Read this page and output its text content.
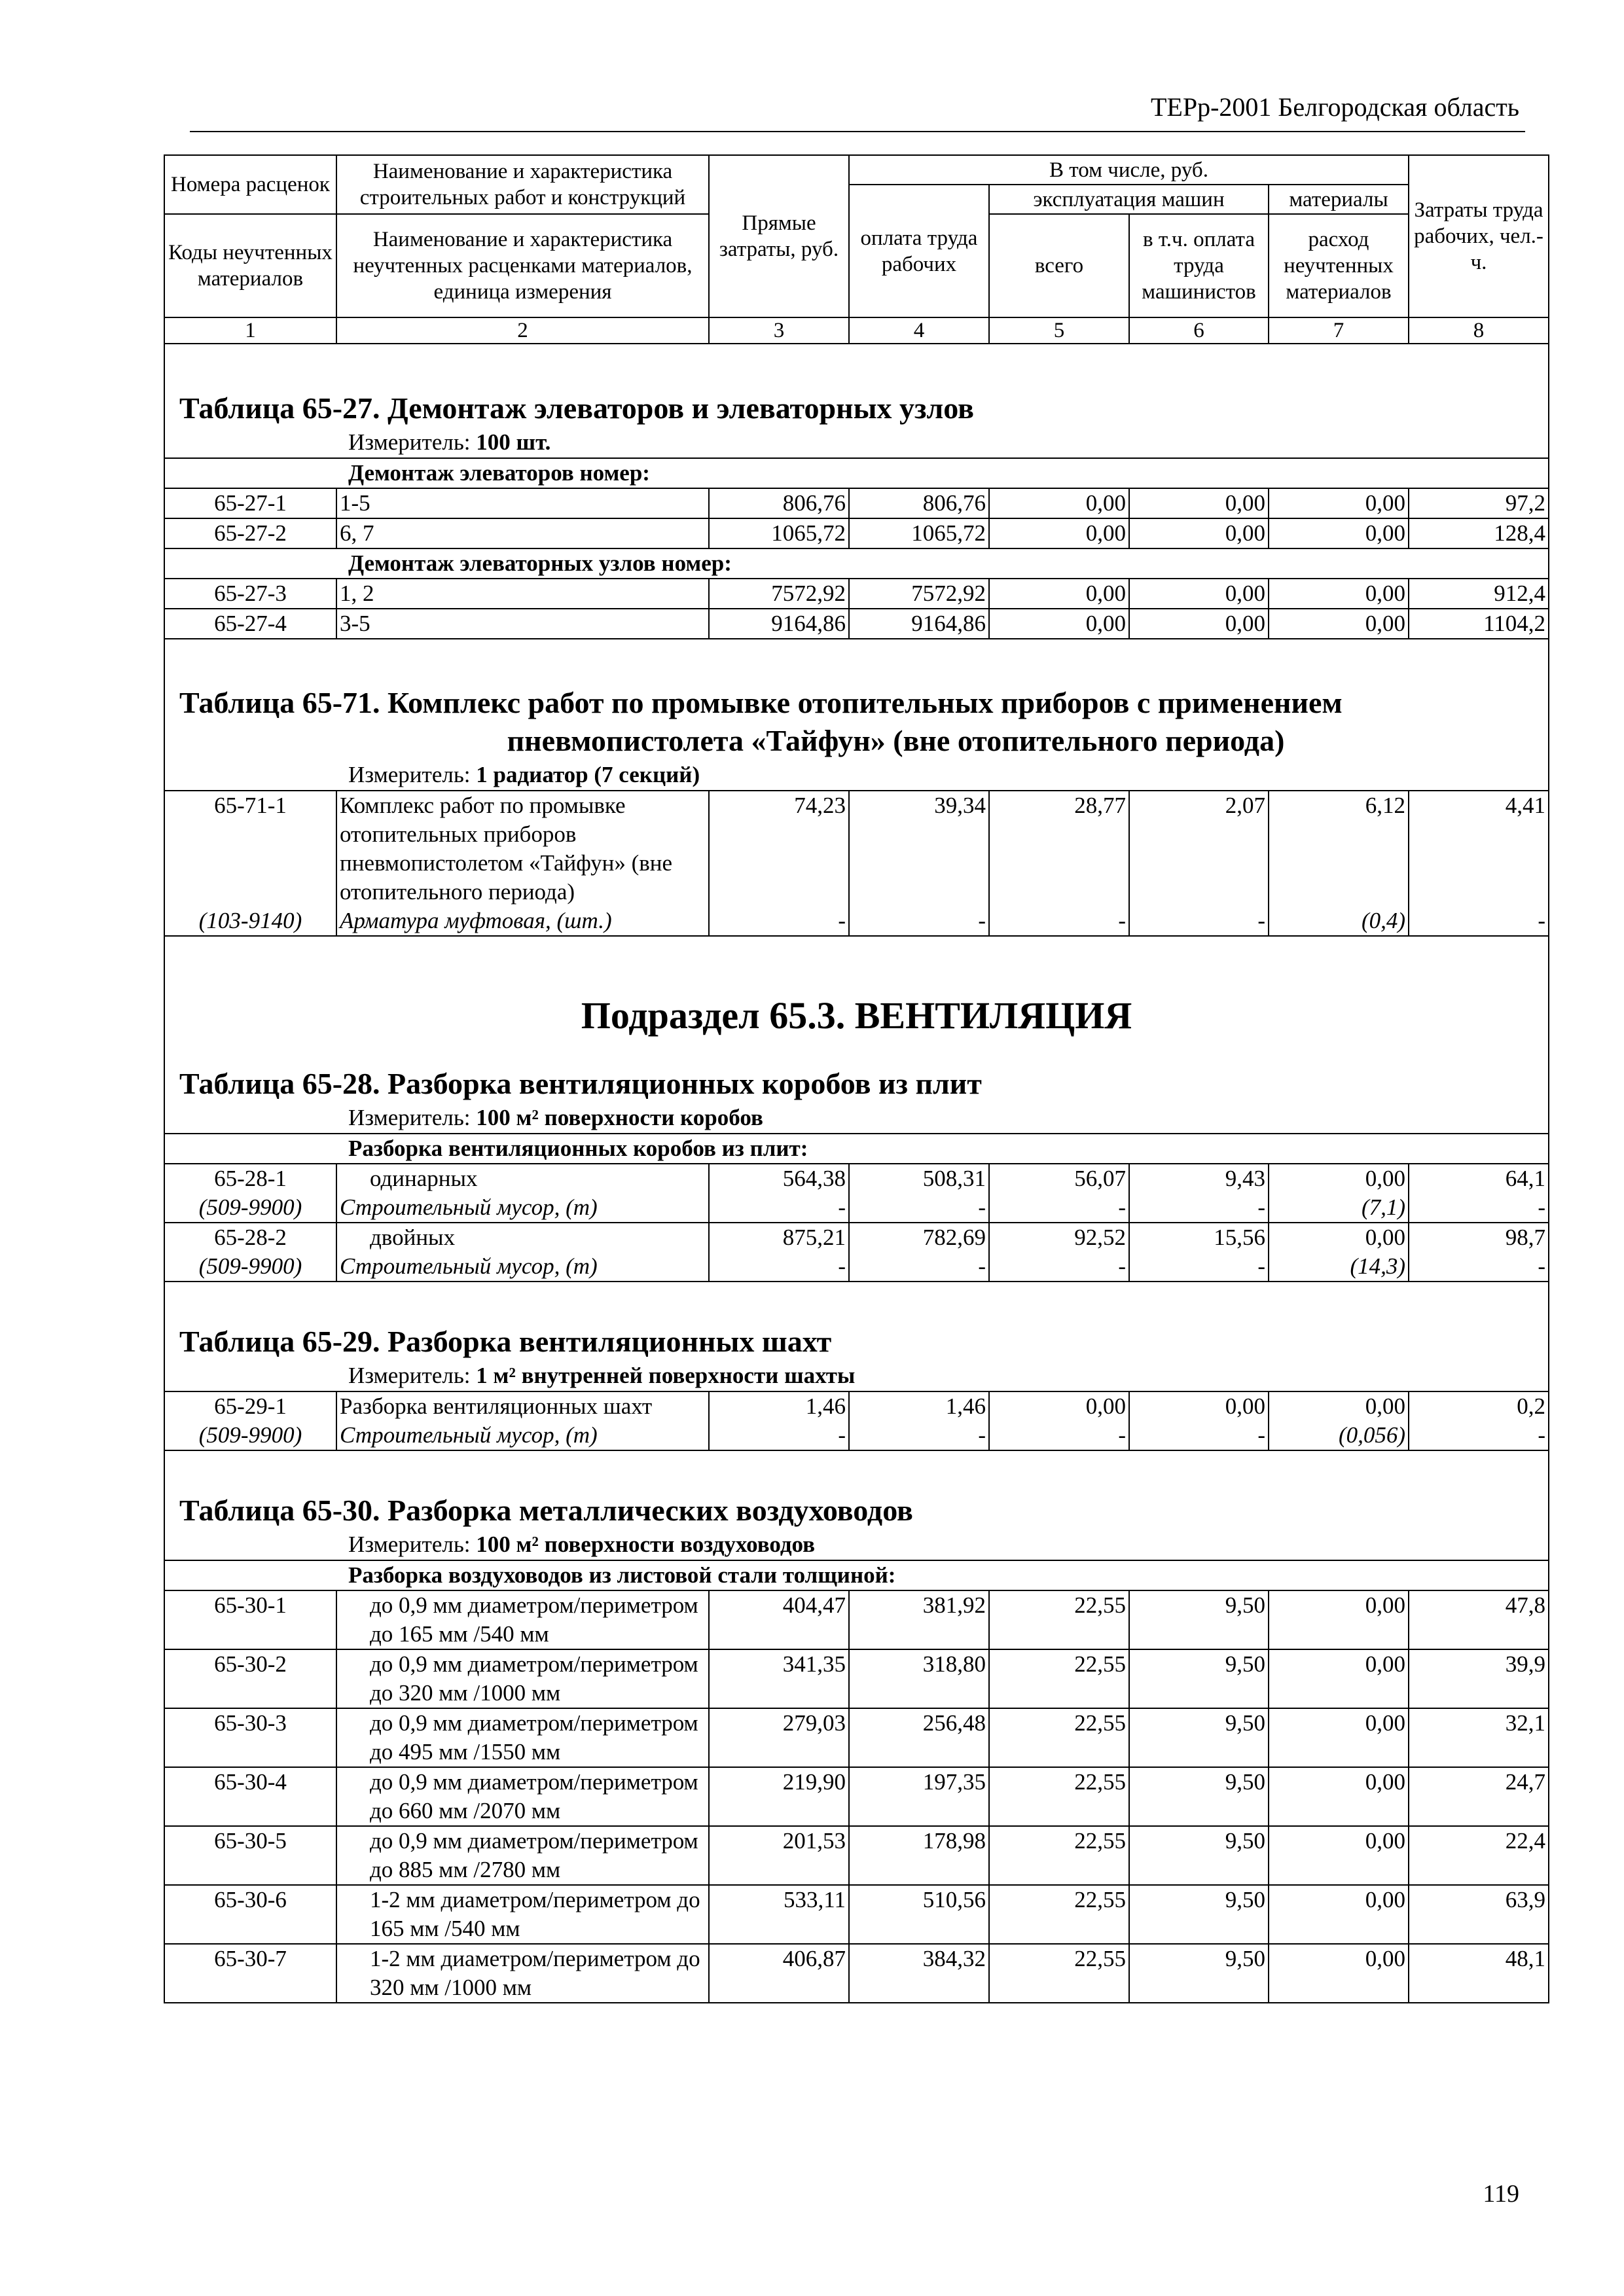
ТЕРр-2001 Белгородская область
Номера расценок	Наименование и характеристика строительных работ и конструкций	Прямые затраты, руб.	В том числе, руб.				Затраты труда рабочих, чел.-ч.
			оплата труда рабочих	эксплуатация машин		материалы	
Коды неучтенных материалов	Наименование и характеристика неучтенных расценками материалов, единица измерения			всего	в т.ч. оплата труда машинистов	расход неучтенных материалов	

1	2	3	4	5	6	7	8

Таблица 65-27. Демонтаж элеваторов и элеваторных узлов
Измеритель: 100 шт.							

Демонтаж элеваторов номер:							
65-27-1	1-5	806,76	806,76	0,00	0,00	0,00	97,2
65-27-2	6, 7	1065,72	1065,72	0,00	0,00	0,00	128,4
Демонтаж элеваторных узлов номер:							
65-27-3	1, 2	7572,92	7572,92	0,00	0,00	0,00	912,4
65-27-4	3-5	9164,86	9164,86	0,00	0,00	0,00	1104,2

Таблица 65-71. Комплекс работ по промывке отопительных приборов с применением
пневмопистолета «Тайфун» (вне отопительного периода)
Измеритель: 1 радиатор (7 секций)							

65-71-1	Комплекс работ по промывке отопительных приборов пневмопистолетом «Тайфун» (вне отопительного периода)	74,23	39,34	28,77	2,07	6,12	4,41
(103-9140)	Арматура муфтовая, (шт.)	-	-	-	-	(0,4)	-

Подраздел 65.3. ВЕНТИЛЯЦИЯ
Таблица 65-28. Разборка вентиляционных коробов из плит
Измеритель: 100 м² поверхности коробов							

Разборка вентиляционных коробов из плит:							
65-28-1	одинарных	564,38	508,31	56,07	9,43	0,00	64,1
(509-9900)	Строительный мусор, (т)	-	-	-	-	(7,1)	-
65-28-2	двойных	875,21	782,69	92,52	15,56	0,00	98,7
(509-9900)	Строительный мусор, (т)	-	-	-	-	(14,3)	-

Таблица 65-29. Разборка вентиляционных шахт
Измеритель: 1 м² внутренней поверхности шахты							

65-29-1	Разборка вентиляционных шахт	1,46	1,46	0,00	0,00	0,00	0,2
(509-9900)	Строительный мусор, (т)	-	-	-	-	(0,056)	-

Таблица 65-30. Разборка металлических воздуховодов
Измеритель: 100 м² поверхности воздуховодов							

Разборка воздуховодов из листовой стали толщиной:							
65-30-1	до 0,9 мм диаметром/периметром до 165 мм /540 мм	404,47	381,92	22,55	9,50	0,00	47,8
65-30-2	до 0,9 мм диаметром/периметром до 320 мм /1000 мм	341,35	318,80	22,55	9,50	0,00	39,9
65-30-3	до 0,9 мм диаметром/периметром до 495 мм /1550 мм	279,03	256,48	22,55	9,50	0,00	32,1
65-30-4	до 0,9 мм диаметром/периметром до 660 мм /2070 мм	219,90	197,35	22,55	9,50	0,00	24,7
65-30-5	до 0,9 мм диаметром/периметром до 885 мм /2780 мм	201,53	178,98	22,55	9,50	0,00	22,4
65-30-6	1-2 мм диаметром/периметром до 165 мм /540 мм	533,11	510,56	22,55	9,50	0,00	63,9
65-30-7	1-2 мм диаметром/периметром до 320 мм /1000 мм	406,87	384,32	22,55	9,50	0,00	48,1
119
